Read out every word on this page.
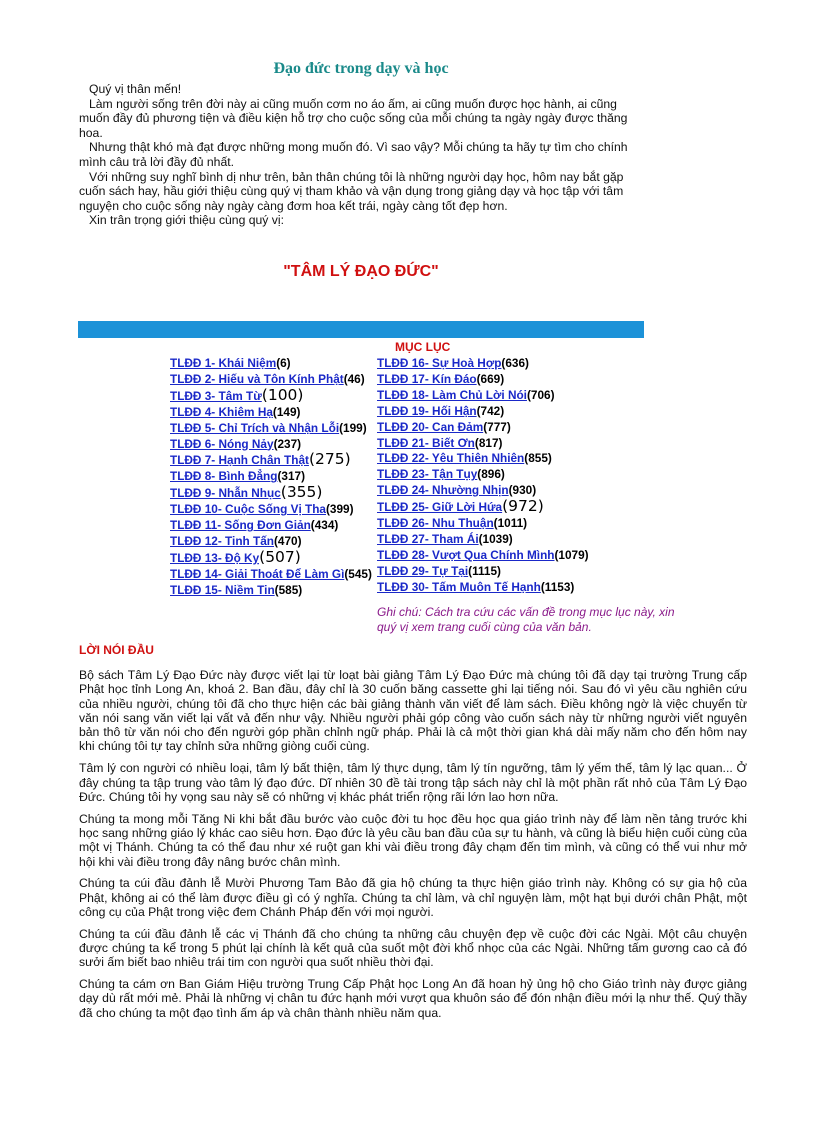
Đạo đức trong dạy và học

Quý vị thân mến!

Làm người sống trên đời này ai cũng muốn cơm no áo ấm, ai cũng muốn được học hành, ai cũng muốn đầy đủ phương tiện và điều kiện hỗ trợ cho cuộc sống của mỗi chúng ta ngày ngày được thăng hoa.

Nhưng thật khó mà đạt được những mong muốn đó. Vì sao vậy? Mỗi chúng ta hãy tự tìm cho chính mình câu trả lời đầy đủ nhất.

Với những suy nghĩ bình dị như trên, bản thân chúng tôi là những người dạy học, hôm nay bắt gặp cuốn sách hay, hầu giới thiệu cùng quý vị tham khảo và vận dụng trong giảng dạy và học tập với tâm nguyện cho cuộc sống này ngày càng đơm hoa kết trái, ngày càng tốt đẹp hơn.

Xin trân trọng giới thiệu cùng quý vị:

"TÂM LÝ ĐẠO ĐỨC"
MỤC LỤC
TLĐĐ 1- Khái Niệm(6)
TLĐĐ 2- Hiếu và Tôn Kính Phật(46)
TLĐĐ 3- Tâm Từ(100)
TLĐĐ 4- Khiêm Hạ(149)
TLĐĐ 5- Chỉ Trích và Nhận Lỗi(199)
TLĐĐ 6- Nóng Nảy(237)
TLĐĐ 7- Hạnh Chân Thật(275)
TLĐĐ 8- Bình Đẳng(317)
TLĐĐ 9- Nhẫn Nhục(355)
TLĐĐ 10- Cuộc Sống Vị Tha(399)
TLĐĐ 11- Sống Đơn Giản(434)
TLĐĐ 12- Tinh Tấn(470)
TLĐĐ 13- Độ Kỵ(507)
TLĐĐ 14- Giải Thoát Để Làm Gì(545)
TLĐĐ 15- Niềm Tin(585)
TLĐĐ 16- Sự Hoà Hợp(636)
TLĐĐ 17- Kín Đáo(669)
TLĐĐ 18- Làm Chủ Lời Nói(706)
TLĐĐ 19- Hối Hận(742)
TLĐĐ 20- Can Đảm(777)
TLĐĐ 21- Biết Ơn(817)
TLĐĐ 22- Yêu Thiên Nhiên(855)
TLĐĐ 23- Tận Tụy(896)
TLĐĐ 24- Nhường Nhịn(930)
TLĐĐ 25- Giữ Lời Hứa(972)
TLĐĐ 26- Nhu Thuận(1011)
TLĐĐ 27- Tham Ái(1039)
TLĐĐ 28- Vượt Qua Chính Mình(1079)
TLĐĐ 29- Tự Tại(1115)
TLĐĐ 30- Tấm Muôn Tế Hạnh(1153)
Ghi chú: Cách tra cứu các vấn đề trong mục lục này, xin quý vị xem trang cuối cùng của văn bản.
LỜI NÓI ĐẦU

Bộ sách Tâm Lý Đạo Đức này được viết lại từ loạt bài giảng Tâm Lý Đạo Đức mà chúng tôi đã dạy tại trường Trung cấp Phật học tỉnh Long An, khoá 2. Ban đầu, đây chỉ là 30 cuốn băng cassette ghi lại tiếng nói. Sau đó vì yêu cầu nghiên cứu của nhiều người, chúng tôi đã cho thực hiện các bài giảng thành văn viết để làm sách. Điều không ngờ là việc chuyển từ văn nói sang văn viết lại vất vả đến như vậy. Nhiều người phải góp công vào cuốn sách này từ những người viết nguyên bản thô từ văn nói cho đến người góp phần chỉnh ngữ pháp. Phải là cả một thời gian khá dài mấy năm cho đến hôm nay khi chúng tôi tự tay chỉnh sửa những giòng cuối cùng.

Tâm lý con người có nhiều loại, tâm lý bất thiện, tâm lý thực dụng, tâm lý tín ngưỡng, tâm lý yếm thế, tâm lý lạc quan... Ở đây chúng ta tập trung vào tâm lý đạo đức. Dĩ nhiên 30 đề tài trong tập sách này chỉ là một phần rất nhỏ của Tâm Lý Đạo Đức. Chúng tôi hy vọng sau này sẽ có những vị khác phát triển rộng rãi lớn lao hơn nữa.

Chúng ta mong mỗi Tăng Ni khi bắt đầu bước vào cuộc đời tu học đều học qua giáo trình này để làm nền tảng trước khi học sang những giáo lý khác cao siêu hơn. Đạo đức là yêu cầu ban đầu của sự tu hành, và cũng là biểu hiện cuối cùng của một vị Thánh. Chúng ta có thể đau như xé ruột gan khi vài điều trong đây chạm đến tim mình, và cũng có thể vui như mở hội khi vài điều trong đây nâng bước chân mình.

Chúng ta cúi đầu đảnh lễ Mười Phương Tam Bảo đã gia hộ chúng ta thực hiện giáo trình này. Không có sự gia hộ của Phật, không ai có thể làm được điều gì có ý nghĩa. Chúng ta chỉ làm, và chỉ nguyện làm, một hạt bụi dưới chân Phật, một công cụ của Phật trong việc đem Chánh Pháp đến với mọi người.

Chúng ta cúi đầu đảnh lễ các vị Thánh đã cho chúng ta những câu chuyện đẹp về cuộc đời các Ngài. Một câu chuyện được chúng ta kể trong 5 phút lại chính là kết quả của suốt một đời khổ nhọc của các Ngài. Những tấm gương cao cả đó sưởi ấm biết bao nhiêu trái tim con người qua suốt nhiều thời đại.

Chúng ta cám ơn Ban Giám Hiệu trường Trung Cấp Phật học Long An đã hoan hỷ ủng hộ cho Giáo trình này được giảng dạy dù rất mới mẻ. Phải là những vị chân tu đức hạnh mới vượt qua khuôn sáo để đón nhận điều mới lạ như thế. Quý thầy đã cho chúng ta một đạo tình ấm áp và chân thành nhiều năm qua.
